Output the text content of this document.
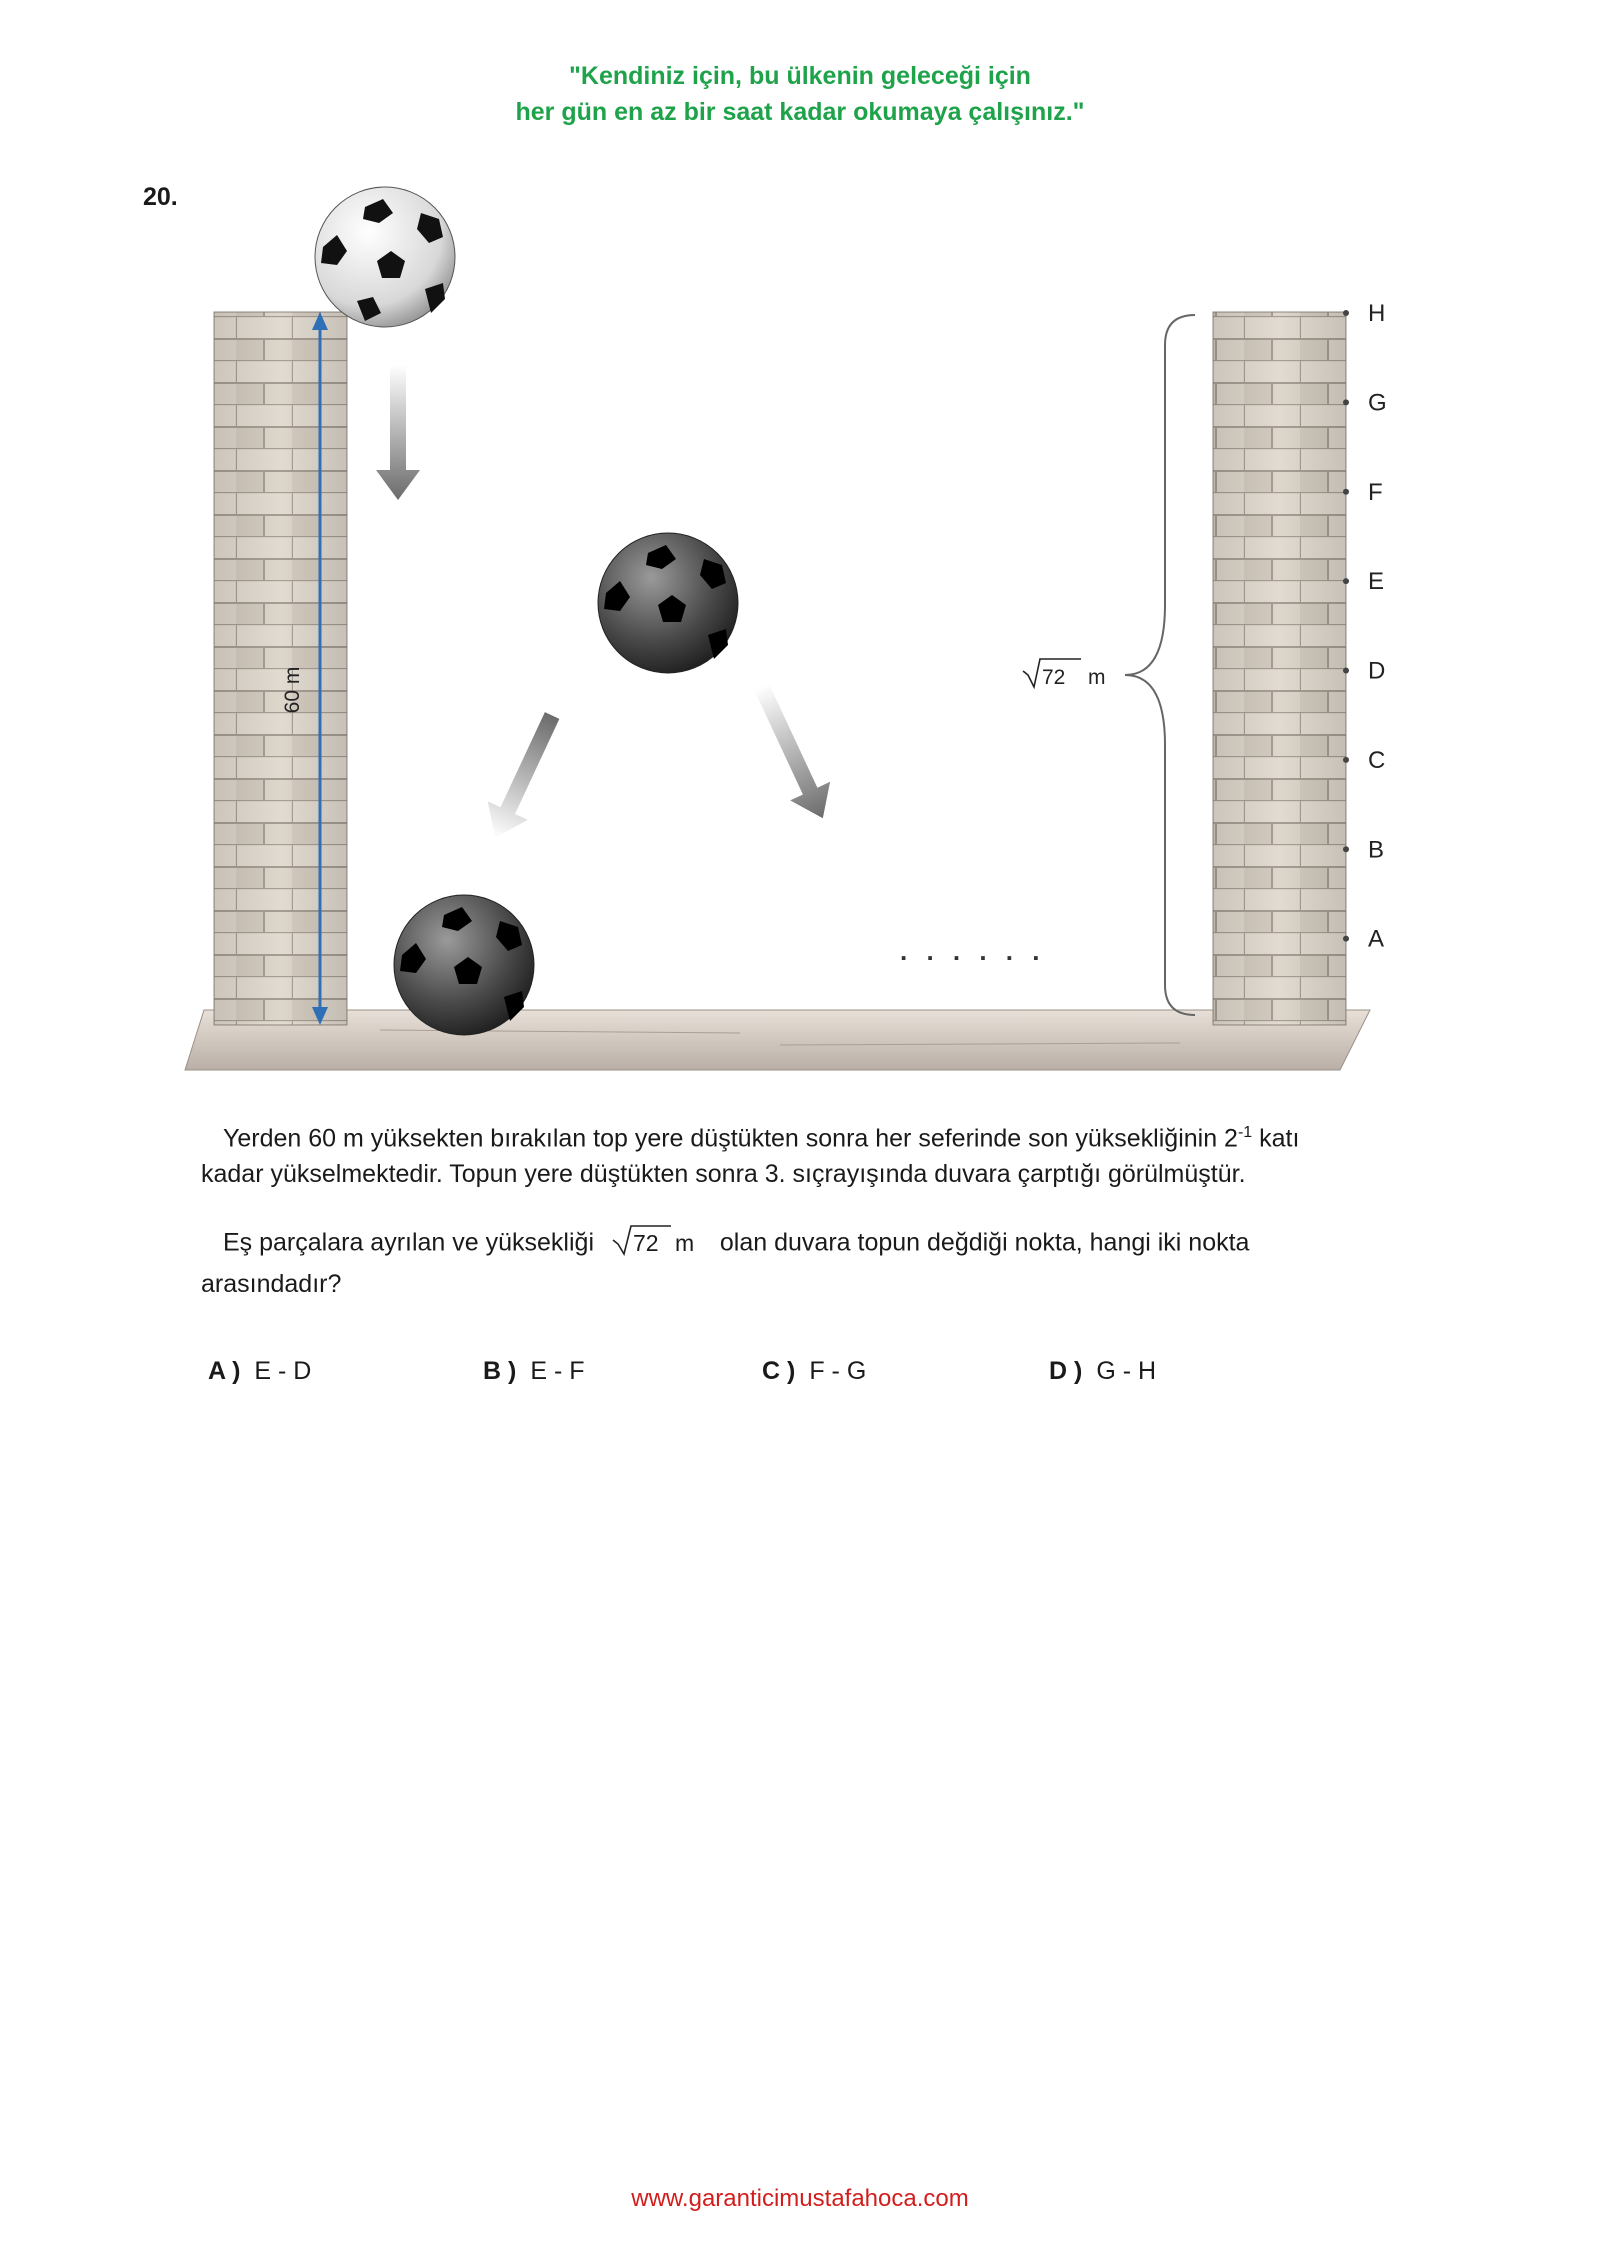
"Kendiniz için, bu ülkenin geleceği için
her gün en az bir saat kadar okumaya çalışınız."
20.
60 m
. . . . . .
72 m
H
G
F
E
D
C
B
A
Yerden 60 m yüksekten bırakılan top yere düştükten sonra her seferinde son yüksekliğinin $2^{-1}$ katı
kadar yükselmektedir. Topun yere düştükten sonra 3. sıçrayışında duvara çarptığı görülmüştür.
Eş parçalara ayrılan ve yüksekliği 72 m olan duvara topun değdiği nokta, hangi iki nokta
arasındadır?
A ) E - D	B ) E - F	C ) F - G	D ) G - H
www.garanticimustafahoca.com
